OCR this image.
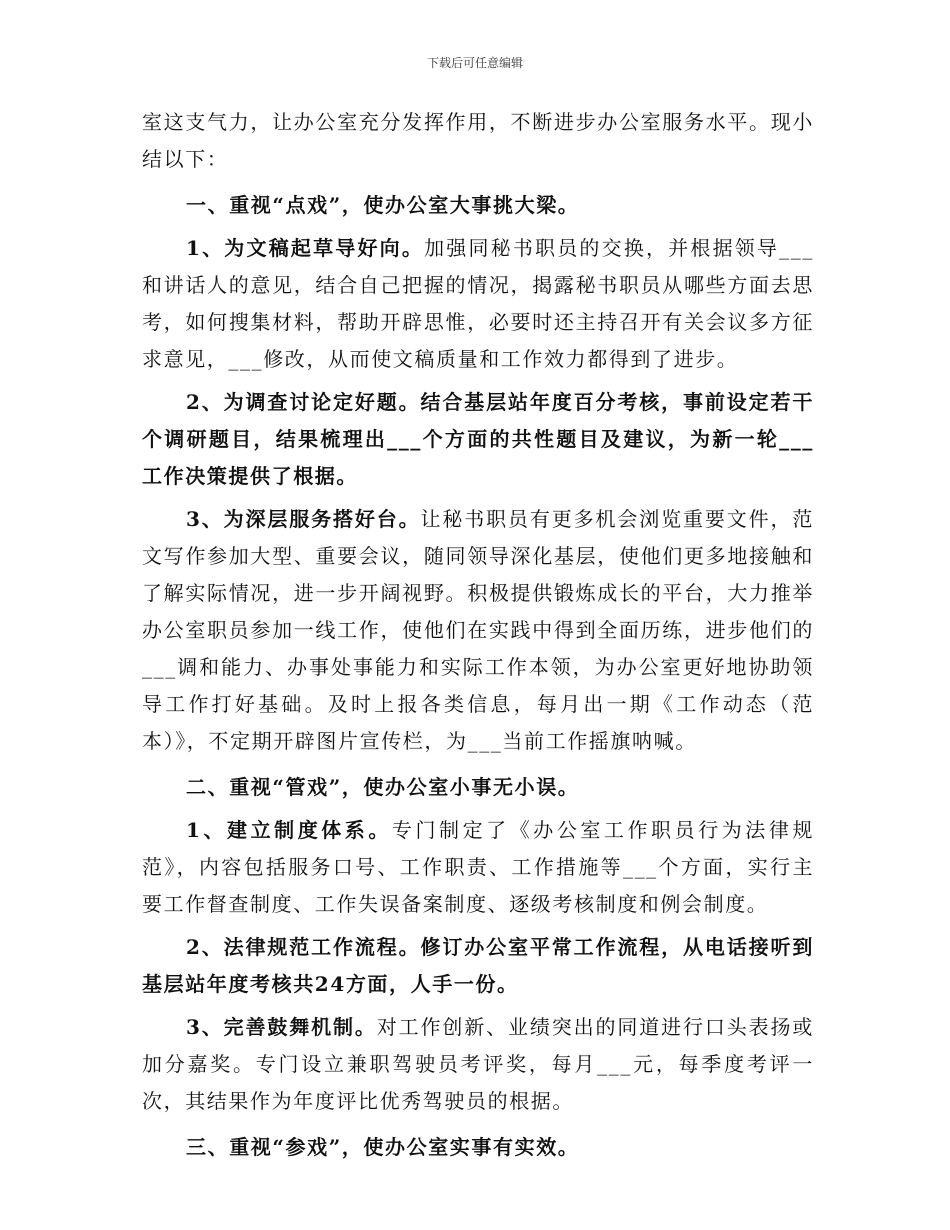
下载后可任意编辑

室这支气力，让办公室充分发挥作用，不断进步办公室服务水平。现小结以下：

一、重视“点戏”，使办公室大事挑大梁。

1、为文稿起草导好向。加强同秘书职员的交换，并根据领导___和讲话人的意见，结合自己把握的情况，揭露秘书职员从哪些方面去思考，如何搜集材料，帮助开辟思惟，必要时还主持召开有关会议多方征求意见，___修改，从而使文稿质量和工作效力都得到了进步。

2、为调查讨论定好题。结合基层站年度百分考核，事前设定若干个调研题目，结果梳理出___个方面的共性题目及建议，为新一轮___工作决策提供了根据。

3、为深层服务搭好台。让秘书职员有更多机会浏览重要文件，范文写作参加大型、重要会议，随同领导深化基层，使他们更多地接触和了解实际情况，进一步开阔视野。积极提供锻炼成长的平台，大力推举办公室职员参加一线工作，使他们在实践中得到全面历练，进步他们的___调和能力、办事处事能力和实际工作本领，为办公室更好地协助领导工作打好基础。及时上报各类信息，每月出一期《工作动态（范本）》，不定期开辟图片宣传栏，为___当前工作摇旗呐喊。

二、重视“管戏”，使办公室小事无小误。

1、建立制度体系。专门制定了《办公室工作职员行为法律规范》，内容包括服务口号、工作职责、工作措施等___个方面，实行主要工作督查制度、工作失误备案制度、逐级考核制度和例会制度。

2、法律规范工作流程。修订办公室平常工作流程，从电话接听到基层站年度考核共24方面，人手一份。

3、完善鼓舞机制。对工作创新、业绩突出的同道进行口头表扬或加分嘉奖。专门设立兼职驾驶员考评奖，每月___元，每季度考评一次，其结果作为年度评比优秀驾驶员的根据。

三、重视“参戏”，使办公室实事有实效。
